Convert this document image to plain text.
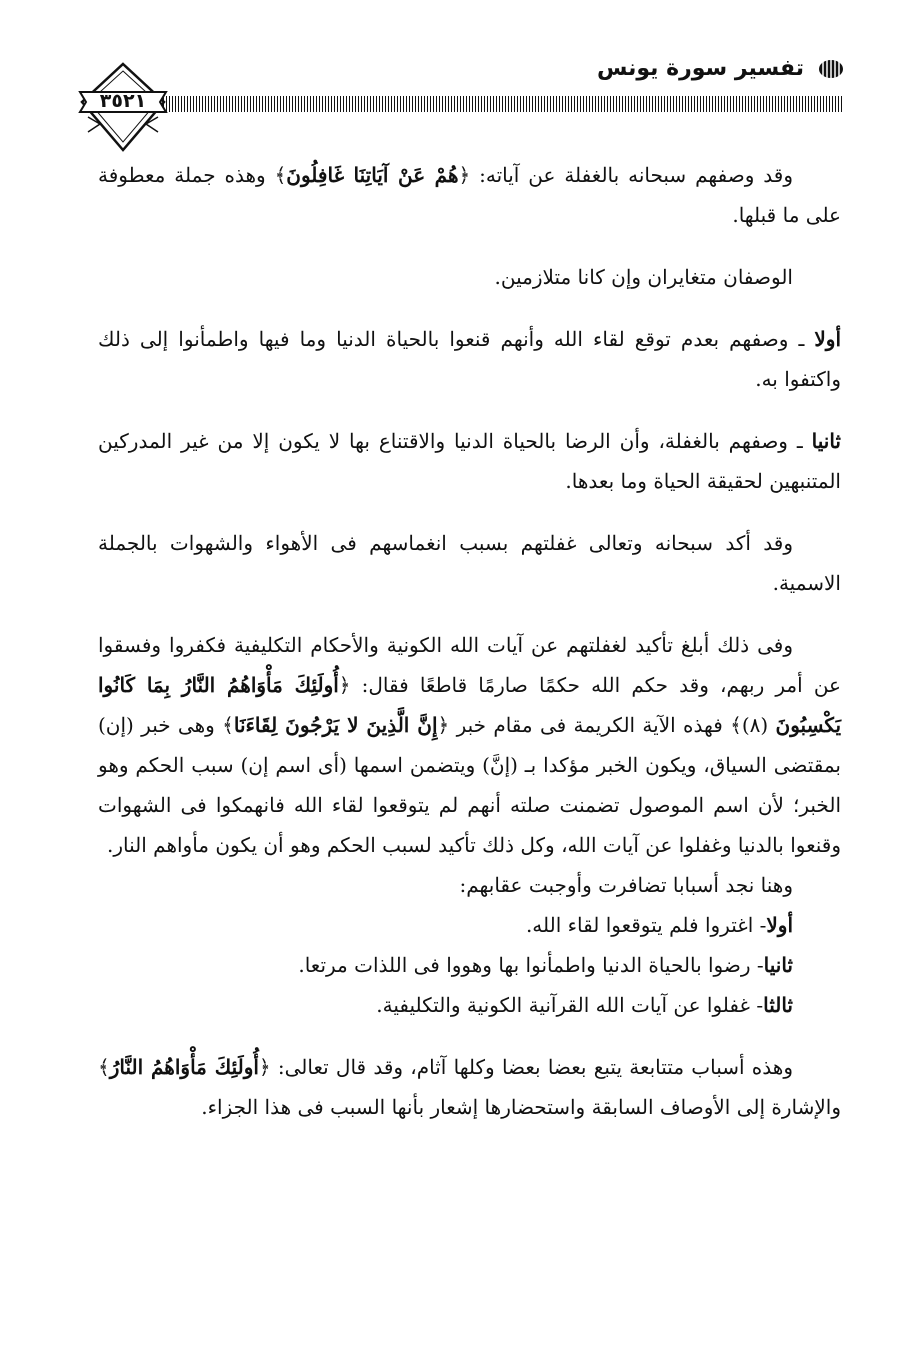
تفسير سورة يونس
٣٥٢١

وقد وصفهم سبحانه بالغفلة عن آياته: ﴿هُمْ عَنْ آيَاتِنَا غَافِلُونَ﴾ وهذه جملة معطوفة على ما قبلها.

الوصفان متغايران وإن كانا متلازمين.

أولا ـ وصفهم بعدم توقع لقاء الله وأنهم قنعوا بالحياة الدنيا وما فيها واطمأنوا إلى ذلك واكتفوا به.

ثانيا ـ وصفهم بالغفلة، وأن الرضا بالحياة الدنيا والاقتناع بها لا يكون إلا من غير المدركين المتنبهين لحقيقة الحياة وما بعدها.

وقد أكد سبحانه وتعالى غفلتهم بسبب انغماسهم فى الأهواء والشهوات بالجملة الاسمية.

وفى ذلك أبلغ تأكيد لغفلتهم عن آيات الله الكونية والأحكام التكليفية فكفروا وفسقوا عن أمر ربهم، وقد حكم الله حكمًا صارمًا قاطعًا فقال: ﴿أُولَئِكَ مَأْوَاهُمُ النَّارُ بِمَا كَانُوا يَكْسِبُونَ (٨)﴾ فهذه الآية الكريمة فى مقام خبر ﴿إِنَّ الَّذِينَ لا يَرْجُونَ لِقَاءَنَا﴾ وهى خبر (إن) بمقتضى السياق، ويكون الخبر مؤكدا بـ (إنَّ) ويتضمن اسمها (أى اسم إن) سبب الحكم وهو الخبر؛ لأن اسم الموصول تضمنت صلته أنهم لم يتوقعوا لقاء الله فانهمكوا فى الشهوات وقنعوا بالدنيا وغفلوا عن آيات الله، وكل ذلك تأكيد لسبب الحكم وهو أن يكون مأواهم النار.

وهنا نجد أسبابا تضافرت وأوجبت عقابهم:

أولا- اغتروا فلم يتوقعوا لقاء الله.

ثانيا- رضوا بالحياة الدنيا واطمأنوا بها وهووا فى اللذات مرتعا.

ثالثا- غفلوا عن آيات الله القرآنية الكونية والتكليفية.

وهذه أسباب متتابعة يتبع بعضا بعضا وكلها آثام، وقد قال تعالى: ﴿أُولَئِكَ مَأْوَاهُمُ النَّارُ﴾ والإشارة إلى الأوصاف السابقة واستحضارها إشعار بأنها السبب فى هذا الجزاء.
